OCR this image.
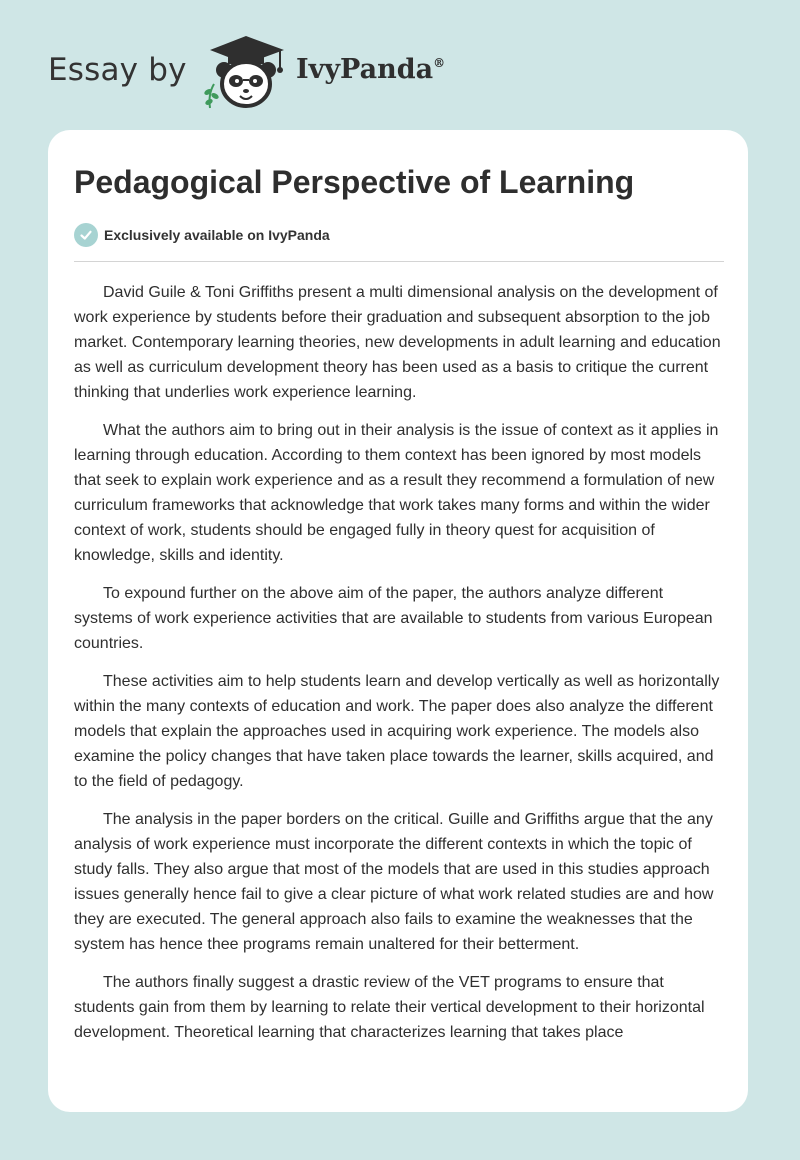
Essay by	IvyPanda®
Pedagogical Perspective of Learning
Exclusively available on IvyPanda

David Guile & Toni Griffiths present a multi dimensional analysis on the development of work experience by students before their graduation and subsequent absorption to the job market. Contemporary learning theories, new developments in adult learning and education as well as curriculum development theory has been used as a basis to critique the current thinking that underlies work experience learning.

What the authors aim to bring out in their analysis is the issue of context as it applies in learning through education. According to them context has been ignored by most models that seek to explain work experience and as a result they recommend a formulation of new curriculum frameworks that acknowledge that work takes many forms and within the wider context of work, students should be engaged fully in theory quest for acquisition of knowledge, skills and identity.

To expound further on the above aim of the paper, the authors analyze different systems of work experience activities that are available to students from various European countries.

These activities aim to help students learn and develop vertically as well as horizontally within the many contexts of education and work. The paper does also analyze the different models that explain the approaches used in acquiring work experience. The models also examine the policy changes that have taken place towards the learner, skills acquired, and to the field of pedagogy.

The analysis in the paper borders on the critical. Guille and Griffiths argue that the any analysis of work experience must incorporate the different contexts in which the topic of study falls. They also argue that most of the models that are used in this studies approach issues generally hence fail to give a clear picture of what work related studies are and how they are executed. The general approach also fails to examine the weaknesses that the system has hence thee programs remain unaltered for their betterment.

The authors finally suggest a drastic review of the VET programs to ensure that students gain from them by learning to relate their vertical development to their horizontal development. Theoretical learning that characterizes learning that takes place
